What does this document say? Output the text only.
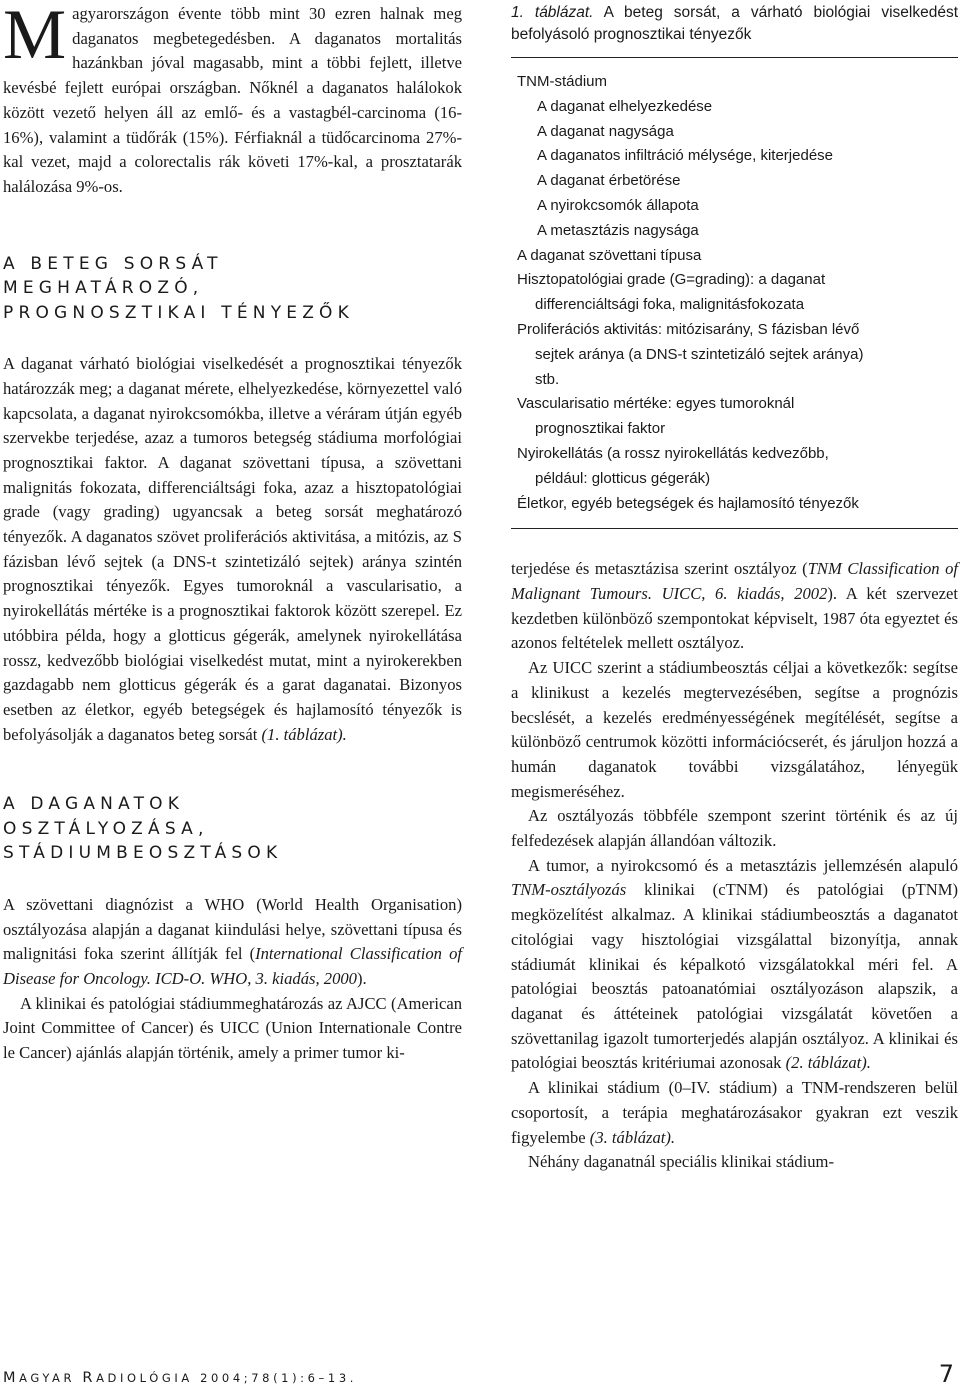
Magyarországon évente több mint 30 ezren halnak meg daganatos megbetegedésben. A daganatos mortalitás hazánkban jóval magasabb, mint a többi fejlett, illetve kevésbé fejlett európai országban. Nőknél a daganatos halálokok között vezető helyen áll az emlő- és a vastagbél-carcinoma (16-16%), valamint a tüdőrák (15%). Férfiaknál a tüdőcarcinoma 27%-kal vezet, majd a colorectalis rák követi 17%-kal, a prosztatarák halálozása 9%-os.

A BETEG SORSÁT
MEGHATÁROZÓ,
PROGNOSZTIKAI TÉNYEZŐK

A daganat várható biológiai viselkedését a prognosztikai tényezők határozzák meg; a daganat mérete, elhelyezkedése, környezettel való kapcsolata, a daganat nyirokcsomókba, illetve a véráram útján egyéb szervekbe terjedése, azaz a tumoros betegség stádiuma morfológiai prognosztikai faktor. A daganat szövettani típusa, a szövettani malignitás fokozata, differenciáltsági foka, azaz a hisztopatológiai grade (vagy grading) ugyancsak a beteg sorsát meghatározó tényezők. A daganatos szövet proliferációs aktivitása, a mitózis, az S fázisban lévő sejtek (a DNS-t szintetizáló sejtek) aránya szintén prognosztikai tényezők. Egyes tumoroknál a vascularisatio, a nyirokellátás mértéke is a prognosztikai faktorok között szerepel. Ez utóbbira példa, hogy a glotticus gégerák, amelynek nyirokellátása rossz, kedvezőbb biológiai viselkedést mutat, mint a nyirokerekben gazdagabb nem glotticus gégerák és a garat daganatai. Bizonyos esetben az életkor, egyéb betegségek és hajlamosító tényezők is befolyásolják a daganatos beteg sorsát (1. táblázat).

A DAGANATOK
OSZTÁLYOZÁSA,
STÁDIUMBEOSZTÁSOK

A szövettani diagnózist a WHO (World Health Organisation) osztályozása alapján a daganat kiindulási helye, szövettani típusa és malignitási foka szerint állítják fel (International Classification of Disease for Oncology. ICD-O. WHO, 3. kiadás, 2000).

A klinikai és patológiai stádiummeghatározás az AJCC (American Joint Committee of Cancer) és UICC (Union Internationale Contre le Cancer) ajánlás alapján történik, amely a primer tumor ki-

1. táblázat. A beteg sorsát, a várható biológiai viselkedést befolyásoló prognosztikai tényezők

TNM-stádium
A daganat elhelyezkedése
A daganat nagysága
A daganatos infiltráció mélysége, kiterjedése
A daganat érbetörése
A nyirokcsomók állapota
A metasztázis nagysága
A daganat szövettani típusa
Hisztopatológiai grade (G=grading): a daganat
differenciáltsági foka, malignitásfokozata
Proliferációs aktivitás: mitózisarány, S fázisban lévő
sejtek aránya (a DNS-t szintetizáló sejtek aránya)
stb.
Vascularisatio mértéke: egyes tumoroknál
prognosztikai faktor
Nyirokellátás (a rossz nyirokellátás kedvezőbb,
például: glotticus gégerák)
Életkor, egyéb betegségek és hajlamosító tényezők

terjedése és metasztázisa szerint osztályoz (TNM Classification of Malignant Tumours. UICC, 6. kiadás, 2002). A két szervezet kezdetben különböző szempontokat képviselt, 1987 óta egyeztet és azonos feltételek mellett osztályoz.

Az UICC szerint a stádiumbeosztás céljai a következők: segítse a klinikust a kezelés megtervezésében, segítse a prognózis becslését, a kezelés eredményességének megítélését, segítse a különböző centrumok közötti információcserét, és járuljon hozzá a humán daganatok további vizsgálatához, lényegük megismeréséhez.

Az osztályozás többféle szempont szerint történik és az új felfedezések alapján állandóan változik.

A tumor, a nyirokcsomó és a metasztázis jellemzésén alapuló TNM-osztályozás klinikai (cTNM) és patológiai (pTNM) megközelítést alkalmaz. A klinikai stádiumbeosztás a daganatot citológiai vagy hisztológiai vizsgálattal bizonyítja, annak stádiumát klinikai és képalkotó vizsgálatokkal méri fel. A patológiai beosztás patoanatómiai osztályozáson alapszik, a daganat és áttéteinek patológiai vizsgálatát követően a szövettanilag igazolt tumorterjedés alapján osztályoz. A klinikai és patológiai beosztás kritériumai azonosak (2. táblázat).

A klinikai stádium (0–IV. stádium) a TNM-rendszeren belül csoportosít, a terápia meghatározásakor gyakran ezt veszik figyelembe (3. táblázat).

Néhány daganatnál speciális klinikai stádium-

MAGYAR RADIOLÓGIA 2004;78(1):6–13.	7
